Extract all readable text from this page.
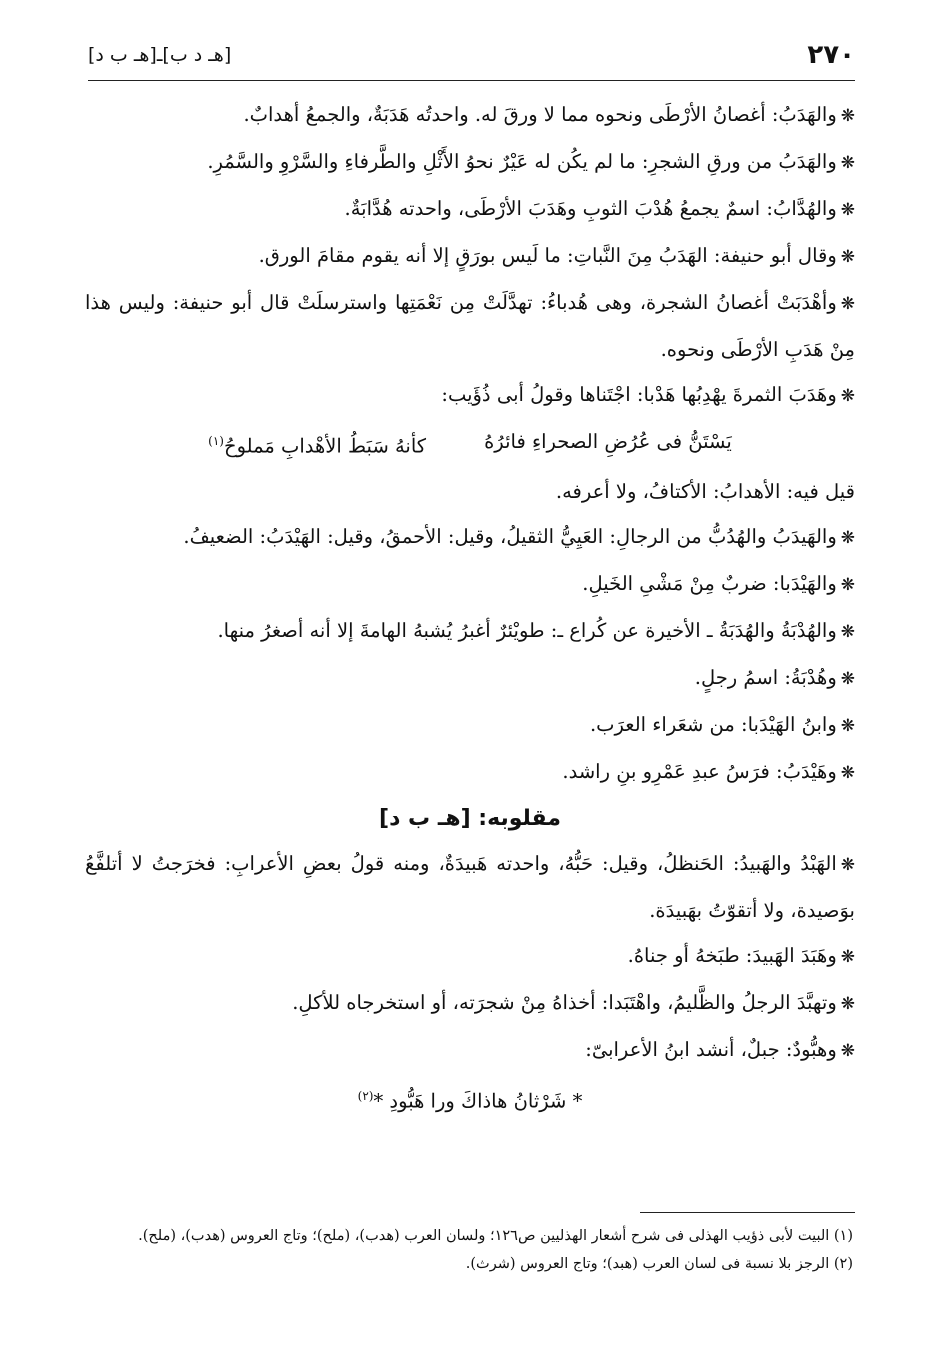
٢٧٠
[هـ د ب]ـ[هـ ب د]

❋والهَدَبُ: أغصانُ الأرْطَى ونحوه مما لا ورقَ له. واحدتُه هَدَبَةٌ، والجمعُ أهدابٌ.

❋والهَدَبُ من ورقِ الشجرِ: ما لم يكُن له عَيْرٌ نحوُ الأَثْلِ والطَّرفاءِ والسَّرْوِ والسَّمُرِ.

❋والهُدَّابُ: اسمٌ يجمعُ هُدْبَ الثوبِ وهَدَبَ الأرْطَى، واحدته هُدَّابَةٌ.

❋وقال أبو حنيفة: الهَدَبُ مِنَ النَّباتِ: ما لَيس بورَقٍ إلا أنه يقوم مقامَ الورق.

❋وأهْدَبَتْ أغصانُ الشجرة، وهى هُدباءُ: تهدَّلَتْ مِن نَعْمَتِها واسترسلَتْ قال أبو حنيفة: وليس هذا مِنْ هَدَبِ الأرْطَى ونحوه.

❋وهَدَبَ الثمرةَ يهْدِبُها هَدْبا: اجْتَناها وقولُ أبى ذُؤَيب:

يَسْتَنُّ فى عُرُضِ الصحراءِ فائرُهُ
كأنهُ سَبَطُ الأهْدابِ مَملوحُ$^{(١)}$

قيل فيه: الأهدابُ: الأكتافُ، ولا أعرفه.

❋والهَيدَبُ والهُدُبُّ من الرجالِ: العَيِيُّ الثقيلُ، وقيل: الأحمقُ، وقيل: الهَيْدَبُ: الضعيفُ.

❋والهَيْدَبا: ضربٌ مِنْ مَشْىِ الخَيلِ.

❋والهُدْبَةُ والهُدَبَةُ ـ الأخيرة عن كُراع ـ: طويْئرٌ أغبرُ يُشبهُ الهامةَ إلا أنه أصغرُ منها.

❋وهُدْبَةُ: اسمُ رجلٍ.

❋وابنُ الهَيْدَبا: من شعَراء العرَب.

❋وهَيْدَبُ: فرَسُ عبدِ عَمْرِو بنِ راشد.

مقلوبه: [هـ ب د]

❋الهَبْدُ والهَبيدُ: الحَنظلُ، وقيل: حَبُّهُ، واحدته هَبيدَةٌ، ومنه قولُ بعضِ الأعرابِ: فخرَجتُ لا أتلفَّعُ بوَصيدة، ولا أتقوّتُ بهَبيدَة.

❋وهَبَدَ الهَبيدَ: طبَخهُ أو جناهُ.

❋وتهبَّدَ الرجلُ والظَّليمُ، واهْتَبَدا: أخذاهُ مِنْ شجرَته، أو استخرجاه للأكلِ.

❋وهبُّودٌ: جبلٌ، أنشد ابنُ الأعرابىّ:

* شَرْثانُ هاذاكَ ورا هَبُّودِ *$^{(٢)}$

(١) البيت لأبى ذؤيب الهذلى فى شرح أشعار الهذليين ص١٢٦؛ ولسان العرب (هدب)، (ملح)؛ وتاج العروس (هدب)، (ملح).

(٢) الرجز بلا نسبة فى لسان العرب (هبد)؛ وتاج العروس (شرث).
